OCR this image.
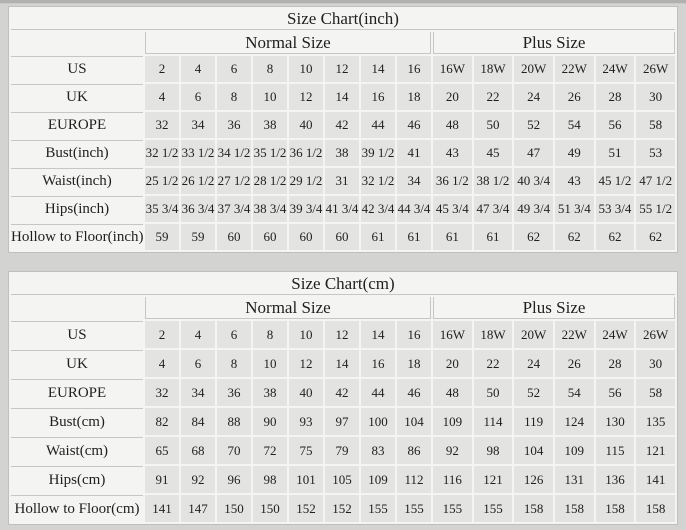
Size Chart(inch)														
	Normal Size								Plus Size					
US	2	4	6	8	10	12	14	16	16W	18W	20W	22W	24W	26W
UK	4	6	8	10	12	14	16	18	20	22	24	26	28	30
EUROPE	32	34	36	38	40	42	44	46	48	50	52	54	56	58
Bust(inch)	32 1/2	33 1/2	34 1/2	35 1/2	36 1/2	38	39 1/2	41	43	45	47	49	51	53
Waist(inch)	25 1/2	26 1/2	27 1/2	28 1/2	29 1/2	31	32 1/2	34	36 1/2	38 1/2	40 3/4	43	45 1/2	47 1/2
Hips(inch)	35 3/4	36 3/4	37 3/4	38 3/4	39 3/4	41 3/4	42 3/4	44 3/4	45 3/4	47 3/4	49 3/4	51 3/4	53 3/4	55 1/2
Hollow to Floor(inch)	59	59	60	60	60	60	61	61	61	61	62	62	62	62
Size Chart(cm)														
	Normal Size								Plus Size					
US	2	4	6	8	10	12	14	16	16W	18W	20W	22W	24W	26W
UK	4	6	8	10	12	14	16	18	20	22	24	26	28	30
EUROPE	32	34	36	38	40	42	44	46	48	50	52	54	56	58
Bust(cm)	82	84	88	90	93	97	100	104	109	114	119	124	130	135
Waist(cm)	65	68	70	72	75	79	83	86	92	98	104	109	115	121
Hips(cm)	91	92	96	98	101	105	109	112	116	121	126	131	136	141
Hollow to Floor(cm)	141	147	150	150	152	152	155	155	155	155	158	158	158	158
